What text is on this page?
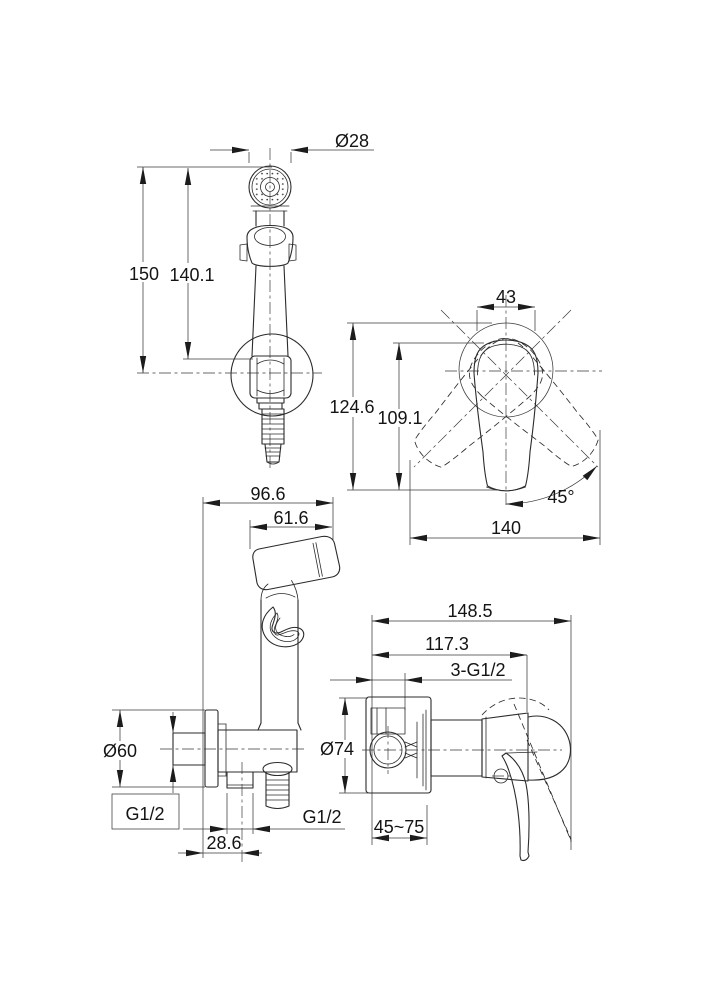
Ø28
150 140.1
43
124.6
109.1
45°
140
96.6
61.6
Ø60
G1/2	G1/2
28.6
148.5
117.3
3-G1/2
Ø74
45~75
